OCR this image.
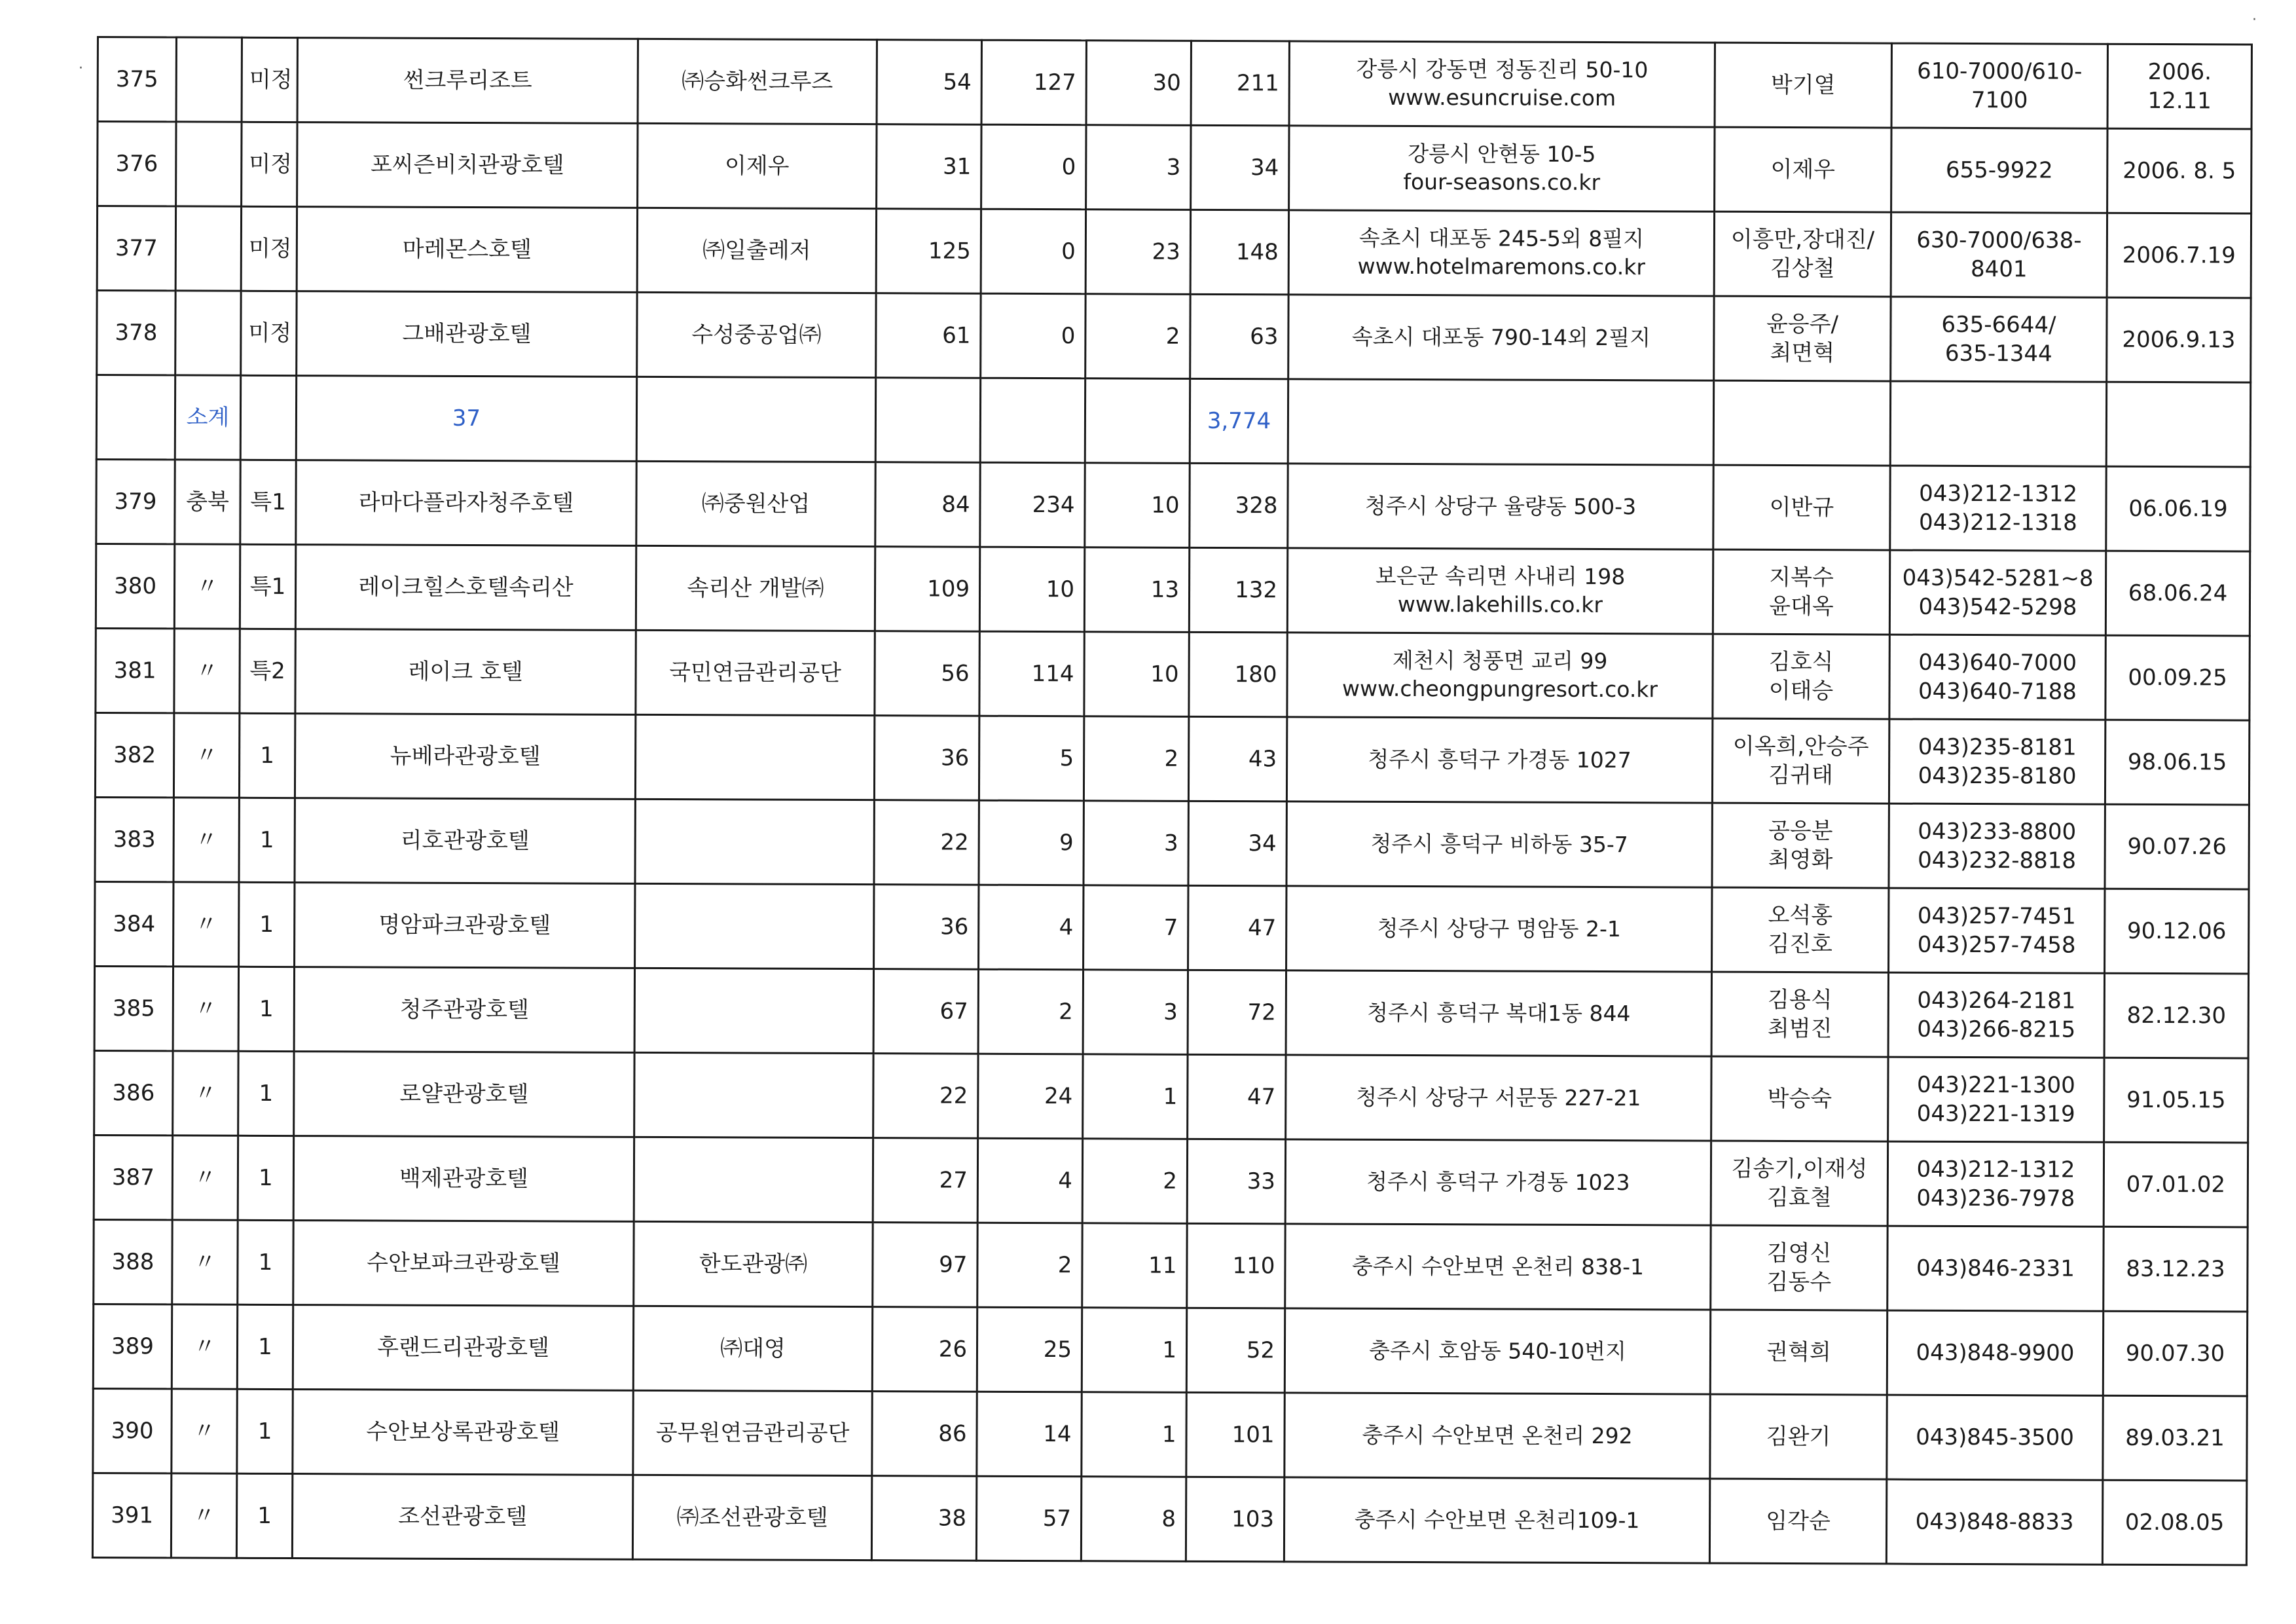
·
·
375		미정	썬크루리조트	㈜승화썬크루즈	54	127	30	211	강릉시 강동면 정동진리 50-10
www.esuncruise.com	박기열	610-7000/610-
7100	2006.
12.11

376		미정	포씨즌비치관광호텔	이제우	31	0	3	34	강릉시 안현동 10-5
four-seasons.co.kr	이제우	655-9922	2006. 8. 5

377		미정	마레몬스호텔	㈜일출레저	125	0	23	148	속초시 대포동 245-5외 8필지
www.hotelmaremons.co.kr	이흥만,장대진/
김상철	630-7000/638-
8401	2006.7.19

378		미정	그배관광호텔	수성중공업㈜	61	0	2	63	속초시 대포동 790-14외 2필지	윤응주/
최면혁	635-6644/
635-1344	2006.9.13

	소계		37					3,774				
379	충북	특1	라마다플라자청주호텔	㈜중원산업	84	234	10	328	청주시 상당구 율량동 500-3	이반규	043)212-1312
043)212-1318	06.06.19

380	〃	특1	레이크힐스호텔속리산	속리산 개발㈜	109	10	13	132	보은군 속리면 사내리 198
www.lakehills.co.kr	지복수
윤대옥	043)542-5281~8
043)542-5298	68.06.24

381	〃	특2	레이크 호텔	국민연금관리공단	56	114	10	180	제천시 청풍면 교리 99
www.cheongpungresort.co.kr	김호식
이태승	043)640-7000
043)640-7188	00.09.25

382	〃	1	뉴베라관광호텔		36	5	2	43	청주시 흥덕구 가경동 1027	이옥희,안승주
김귀태	043)235-8181
043)235-8180	98.06.15

383	〃	1	리호관광호텔		22	9	3	34	청주시 흥덕구 비하동 35-7	공응분
최영화	043)233-8800
043)232-8818	90.07.26

384	〃	1	명암파크관광호텔		36	4	7	47	청주시 상당구 명암동 2-1	오석홍
김진호	043)257-7451
043)257-7458	90.12.06

385	〃	1	청주관광호텔		67	2	3	72	청주시 흥덕구 복대1동 844	김용식
최범진	043)264-2181
043)266-8215	82.12.30

386	〃	1	로얄관광호텔		22	24	1	47	청주시 상당구 서문동 227-21	박승숙	043)221-1300
043)221-1319	91.05.15

387	〃	1	백제관광호텔		27	4	2	33	청주시 흥덕구 가경동 1023	김송기,이재성
김효철	043)212-1312
043)236-7978	07.01.02

388	〃	1	수안보파크관광호텔	한도관광㈜	97	2	11	110	충주시 수안보면 온천리 838-1	김영신
김동수	043)846-2331	83.12.23

389	〃	1	후랜드리관광호텔	㈜대영	26	25	1	52	충주시 호암동 540-10번지	권혁희	043)848-9900	90.07.30

390	〃	1	수안보상록관광호텔	공무원연금관리공단	86	14	1	101	충주시 수안보면 온천리 292	김완기	043)845-3500	89.03.21

391	〃	1	조선관광호텔	㈜조선관광호텔	38	57	8	103	충주시 수안보면 온천리109-1	임각순	043)848-8833	02.08.05
